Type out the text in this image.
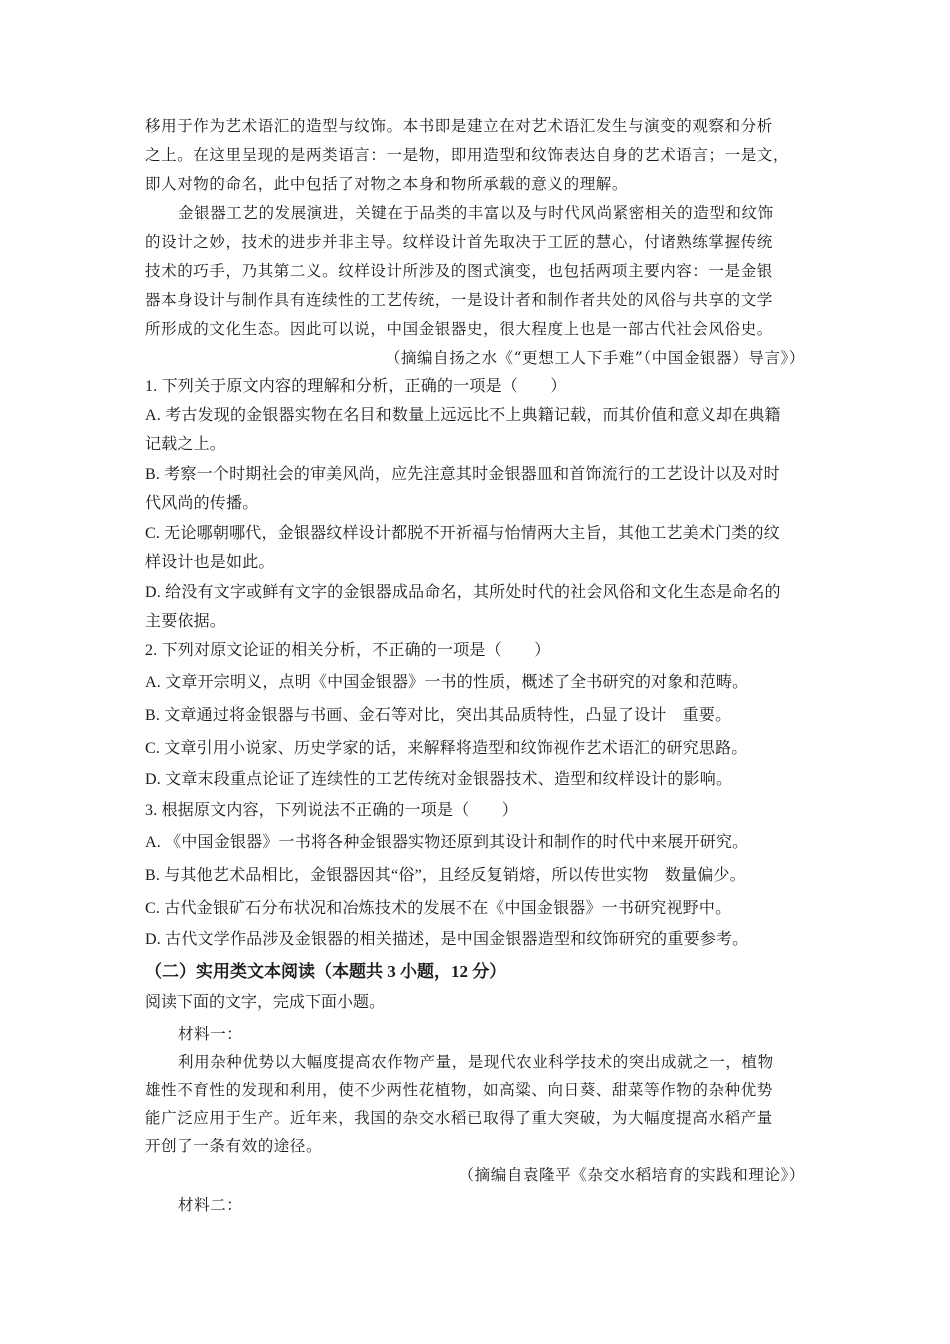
移用于作为艺术语汇的造型与纹饰。本书即是建立在对艺术语汇发生与演变的观察和分析
之上。在这里呈现的是两类语言：一是物，即用造型和纹饰表达自身的艺术语言；一是文，
即人对物的命名，此中包括了对物之本身和物所承载的意义的理解。
金银器工艺的发展演进，关键在于品类的丰富以及与时代风尚紧密相关的造型和纹饰
的设计之妙，技术的进步并非主导。纹样设计首先取决于工匠的慧心，付诸熟练掌握传统
技术的巧手，乃其第二义。纹样设计所涉及的图式演变，也包括两项主要内容：一是金银
器本身设计与制作具有连续性的工艺传统，一是设计者和制作者共处的风俗与共享的文学
所形成的文化生态。因此可以说，中国金银器史，很大程度上也是一部古代社会风俗史。
（摘编自扬之水《“更想工人下手难”（中国金银器）导言》）
1. 下列关于原文内容的理解和分析，正确的一项是（　　）
A. 考古发现的金银器实物在名目和数量上远远比不上典籍记载，而其价值和意义却在典籍
记载之上。
B. 考察一个时期社会的审美风尚，应先注意其时金银器皿和首饰流行的工艺设计以及对时
代风尚的传播。
C. 无论哪朝哪代，金银器纹样设计都脱不开祈福与怡情两大主旨，其他工艺美术门类的纹
样设计也是如此。
D. 给没有文字或鲜有文字的金银器成品命名，其所处时代的社会风俗和文化生态是命名的
主要依据。
2. 下列对原文论证的相关分析，不正确的一项是（　　）
A. 文章开宗明义，点明《中国金银器》一书的性质，概述了全书研究的对象和范畴。
B. 文章通过将金银器与书画、金石等对比，突出其品质特性，凸显了设计　重要。
C. 文章引用小说家、历史学家的话，来解释将造型和纹饰视作艺术语汇的研究思路。
D. 文章末段重点论证了连续性的工艺传统对金银器技术、造型和纹样设计的影响。
3. 根据原文内容，下列说法不正确的一项是（　　）
A. 《中国金银器》一书将各种金银器实物还原到其设计和制作的时代中来展开研究。
B. 与其他艺术品相比，金银器因其“俗”，且经反复销熔，所以传世实物　数量偏少。
C. 古代金银矿石分布状况和冶炼技术的发展不在《中国金银器》一书研究视野中。
D. 古代文学作品涉及金银器的相关描述，是中国金银器造型和纹饰研究的重要参考。
（二）实用类文本阅读（本题共 3 小题，12 分）
阅读下面的文字，完成下面小题。
材料一：
利用杂种优势以大幅度提高农作物产量，是现代农业科学技术的突出成就之一，植物
雄性不育性的发现和利用，使不少两性花植物，如高粱、向日葵、甜菜等作物的杂种优势
能广泛应用于生产。近年来，我国的杂交水稻已取得了重大突破，为大幅度提高水稻产量
开创了一条有效的途径。
（摘编自袁隆平《杂交水稻培育的实践和理论》）
材料二：
